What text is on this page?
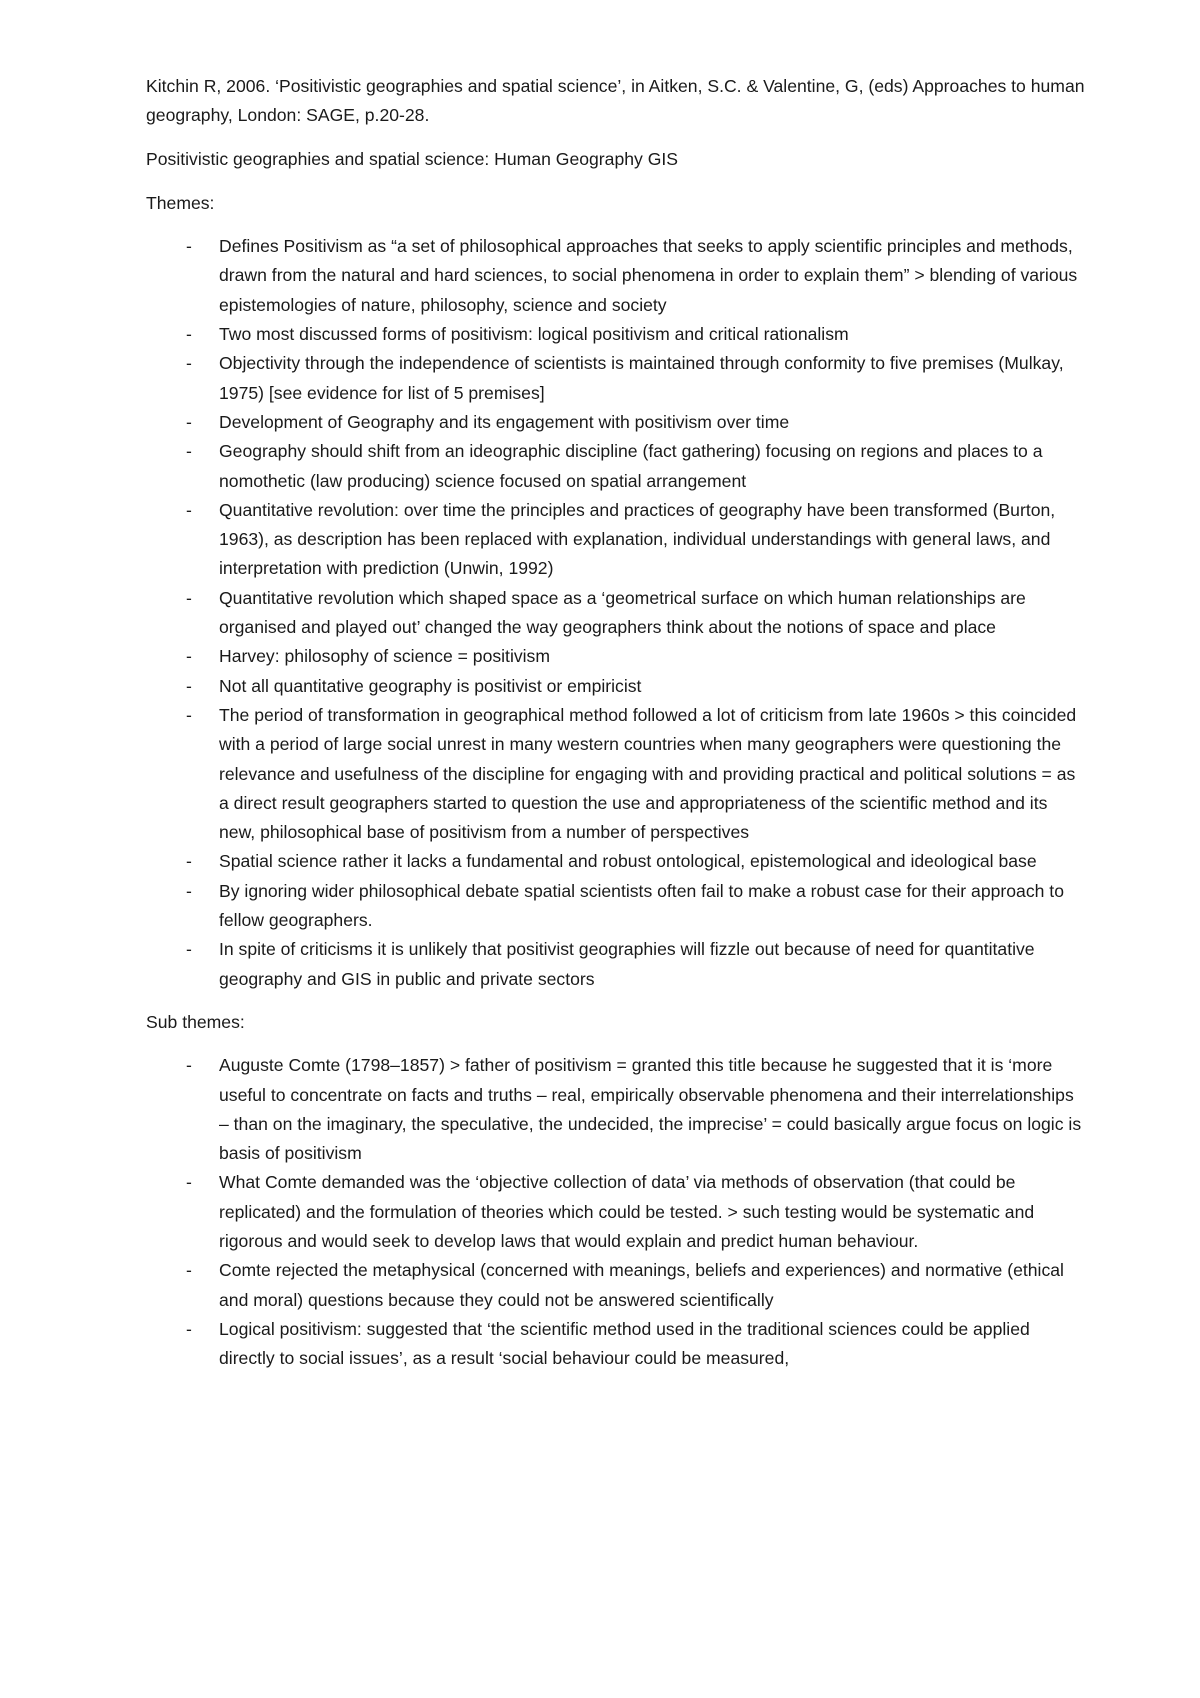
Kitchin R, 2006. ‘Positivistic geographies and spatial science’, in Aitken, S.C. & Valentine, G, (eds) Approaches to human geography, London: SAGE, p.20-28.

Positivistic geographies and spatial science: Human Geography GIS

Themes:

- Defines Positivism as “a set of philosophical approaches that seeks to apply scientific principles and methods, drawn from the natural and hard sciences, to social phenomena in order to explain them” > blending of various epistemologies of nature, philosophy, science and society
- Two most discussed forms of positivism: logical positivism and critical rationalism
- Objectivity through the independence of scientists is maintained through conformity to five premises (Mulkay, 1975) [see evidence for list of 5 premises]
- Development of Geography and its engagement with positivism over time
- Geography should shift from an ideographic discipline (fact gathering) focusing on regions and places to a nomothetic (law producing) science focused on spatial arrangement
- Quantitative revolution: over time the principles and practices of geography have been transformed (Burton, 1963), as description has been replaced with explanation, individual understandings with general laws, and interpretation with prediction (Unwin, 1992)
- Quantitative revolution which shaped space as a ‘geometrical surface on which human relationships are organised and played out’ changed the way geographers think about the notions of space and place
- Harvey: philosophy of science = positivism
- Not all quantitative geography is positivist or empiricist
- The period of transformation in geographical method followed a lot of criticism from late 1960s > this coincided with a period of large social unrest in many western countries when many geographers were questioning the relevance and usefulness of the discipline for engaging with and providing practical and political solutions = as a direct result geographers started to question the use and appropriateness of the scientific method and its new, philosophical base of positivism from a number of perspectives
- Spatial science rather it lacks a fundamental and robust ontological, epistemological and ideological base
- By ignoring wider philosophical debate spatial scientists often fail to make a robust case for their approach to fellow geographers.
- In spite of criticisms it is unlikely that positivist geographies will fizzle out because of need for quantitative geography and GIS in public and private sectors

Sub themes:

- Auguste Comte (1798–1857) > father of positivism = granted this title because he suggested that it is ‘more useful to concentrate on facts and truths – real, empirically observable phenomena and their interrelationships – than on the imaginary, the speculative, the undecided, the imprecise’ = could basically argue focus on logic is basis of positivism
- What Comte demanded was the ‘objective collection of data’ via methods of observation (that could be replicated) and the formulation of theories which could be tested. > such testing would be systematic and rigorous and would seek to develop laws that would explain and predict human behaviour.
- Comte rejected the metaphysical (concerned with meanings, beliefs and experiences) and normative (ethical and moral) questions because they could not be answered scientifically
- Logical positivism: suggested that ‘the scientific method used in the traditional sciences could be applied directly to social issues’, as a result ‘social behaviour could be measured,
